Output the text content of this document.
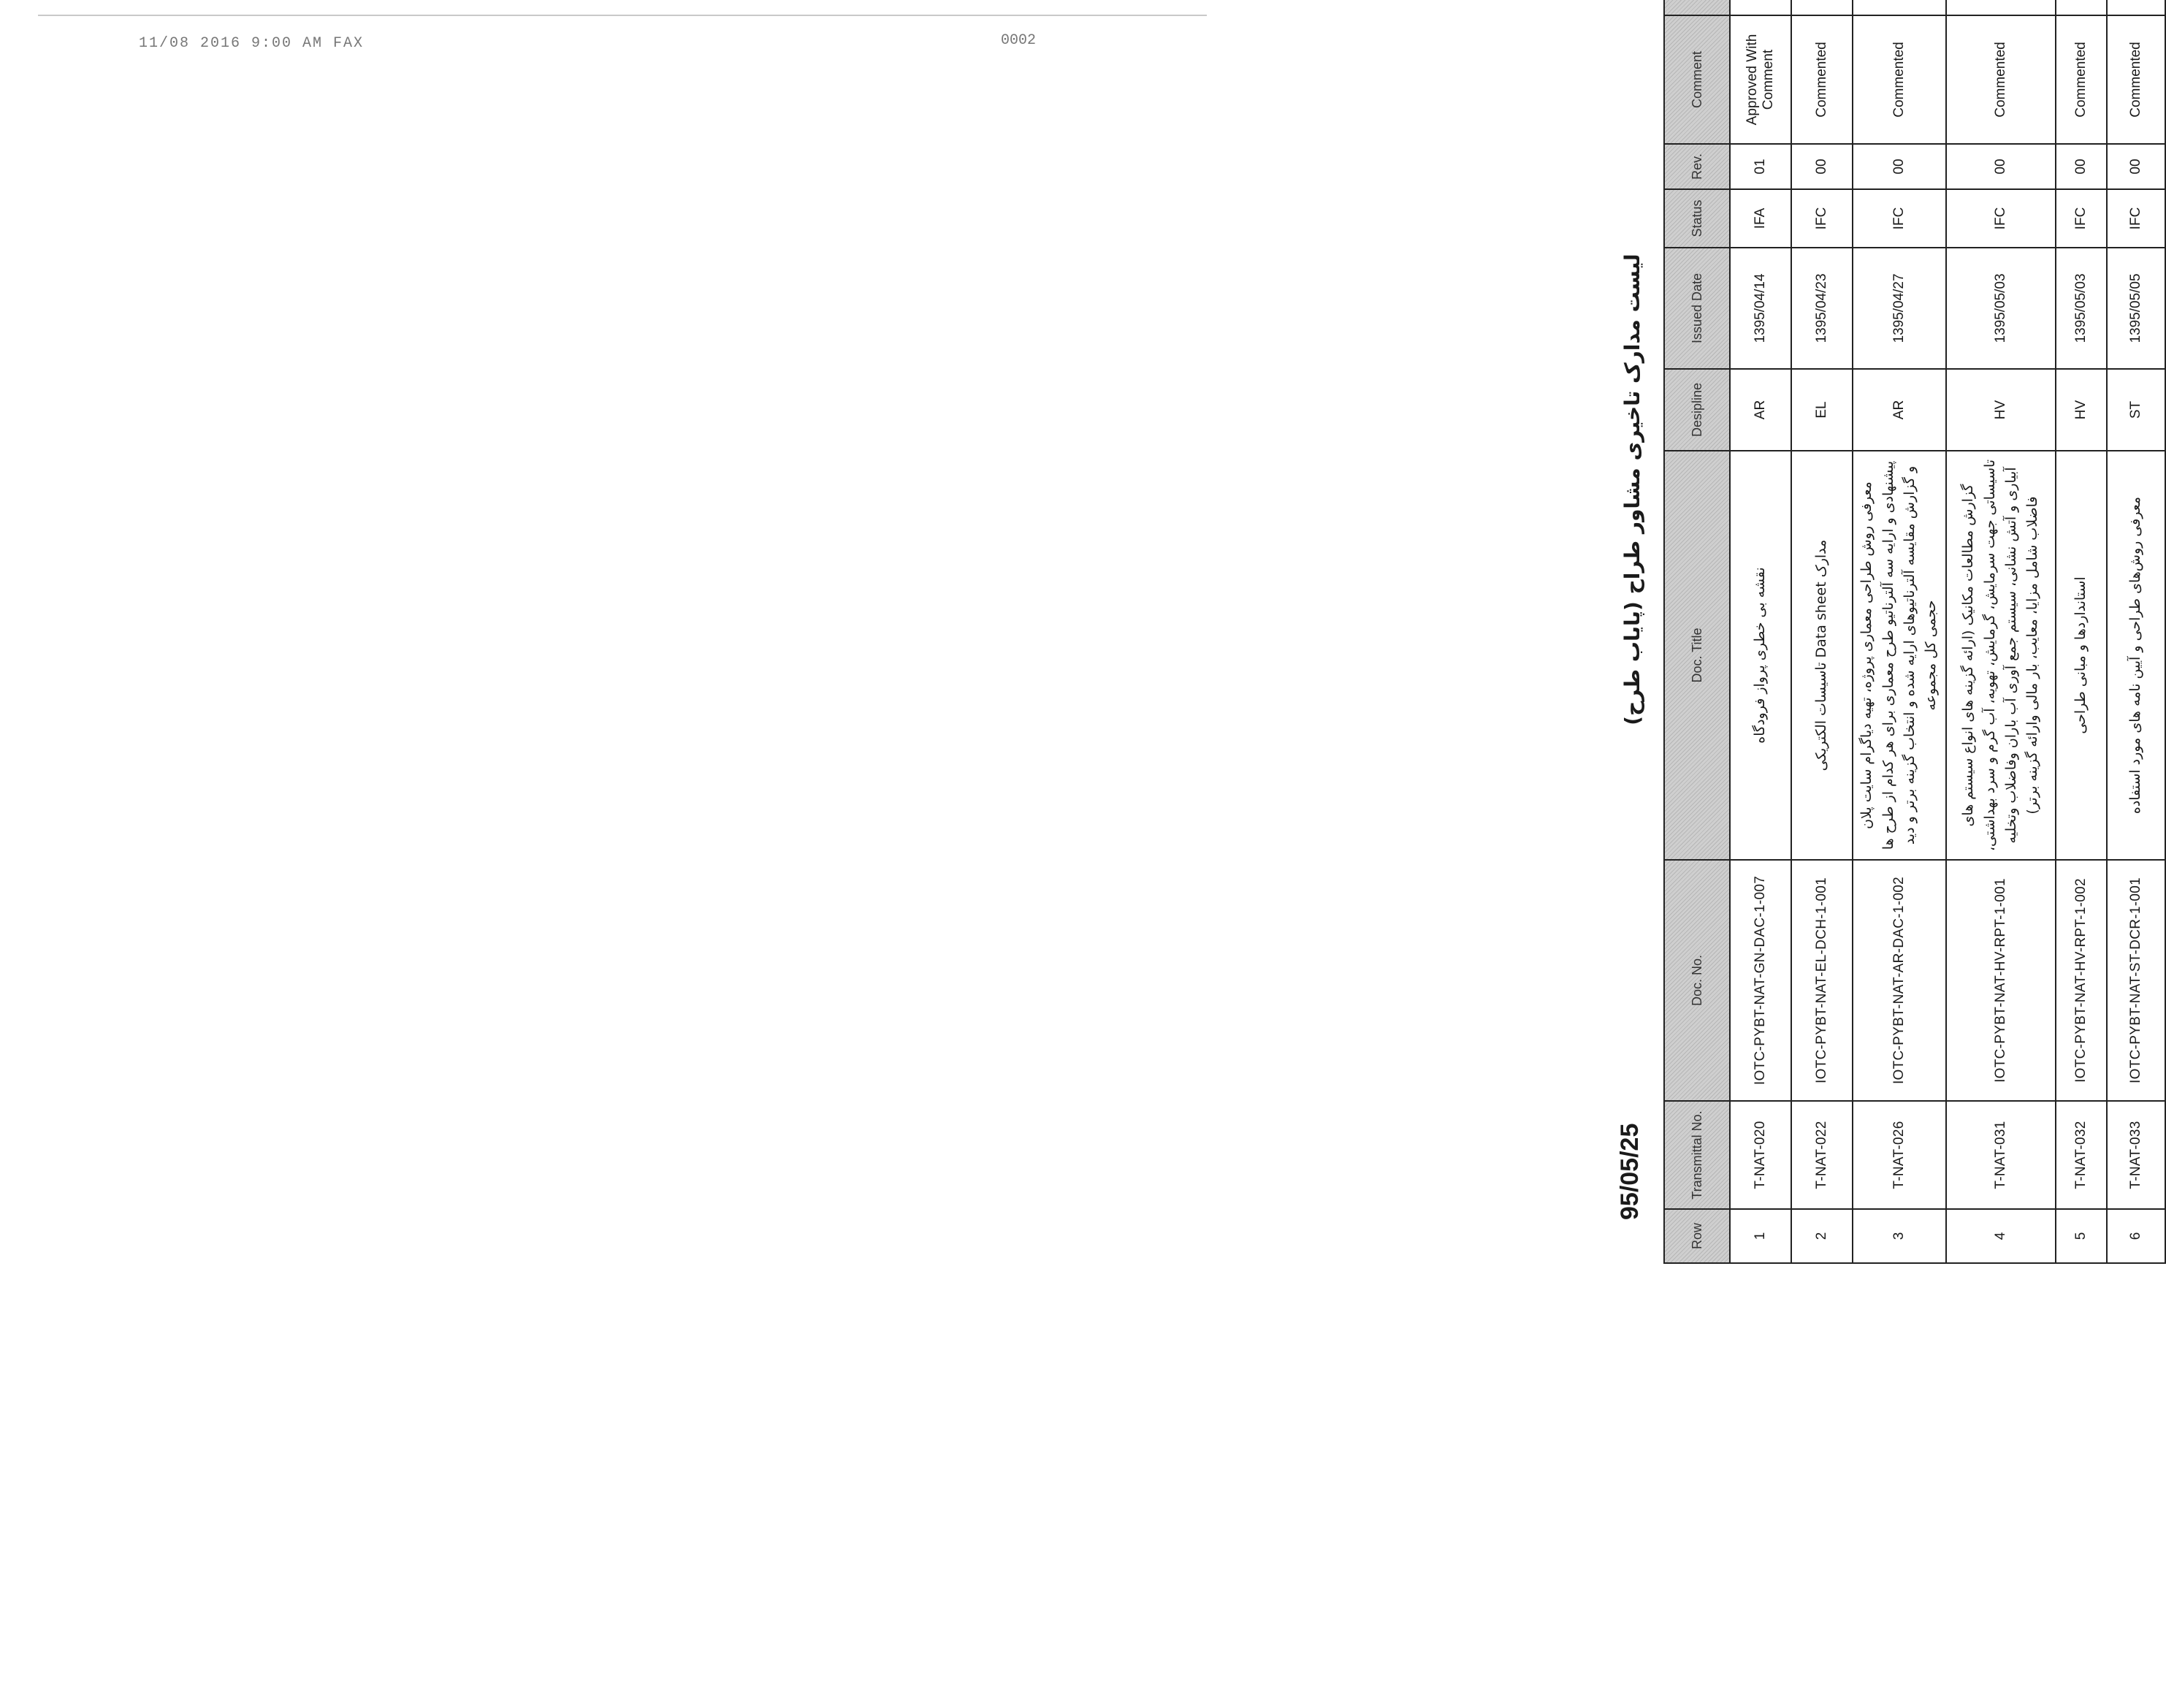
11/08 2016 9:00 AM FAX	0002
95/05/25
لیست مدارک تاخیری مشاور طراح (پایاب طرح)
Row	Transmittal No.	Doc. No.	Doc. Title	Desipline	Issued Date	Status	Rev.	Comment	
1	T-NAT-020	IOTC-PYBT-NAT-GN-DAC-1-007	نقشه بی خطری پرواز فرودگاه	AR	1395/04/14	IFA	01	Approved With Comment	
2	T-NAT-022	IOTC-PYBT-NAT-EL-DCH-1-001	مدارک Data sheet تاسیسات الکتریکی	EL	1395/04/23	IFC	00	Commented	
3	T-NAT-026	IOTC-PYBT-NAT-AR-DAC-1-002	معرفی روش طراحی معماری پروژه، تهیه دیاگرام سایت پلان پیشنهادی و ارایه سه آلترناتیو طرح معماری برای هر کدام از طرح ها و گزارش مقایسه آلترناتیوهای ارایه شده و انتخاب گزینه برتر و دید حجمی کل مجموعه	AR	1395/04/27	IFC	00	Commented	
4	T-NAT-031	IOTC-PYBT-NAT-HV-RPT-1-001	گزارش مطالعات مکانیک (ارائه گزینه های انواع سیستم های تاسیساتی جهت سرمایش، گرمایش، تهویه، آب گرم و سرد بهداشتی، آبیاری و آتش نشانی، سیستم جمع آوری آب باران وفاضلاب وتخلیه فاضلاب شامل مزایا، معایب، بار مالی وارائه گزینه برتر)	HV	1395/05/03	IFC	00	Commented	
5	T-NAT-032	IOTC-PYBT-NAT-HV-RPT-1-002	استانداردها و مبانی طراحی	HV	1395/05/03	IFC	00	Commented	
6	T-NAT-033	IOTC-PYBT-NAT-ST-DCR-1-001	معرفی روش‌های طراحی و آیین نامه های مورد استفاده	ST	1395/05/05	IFC	00	Commented	
